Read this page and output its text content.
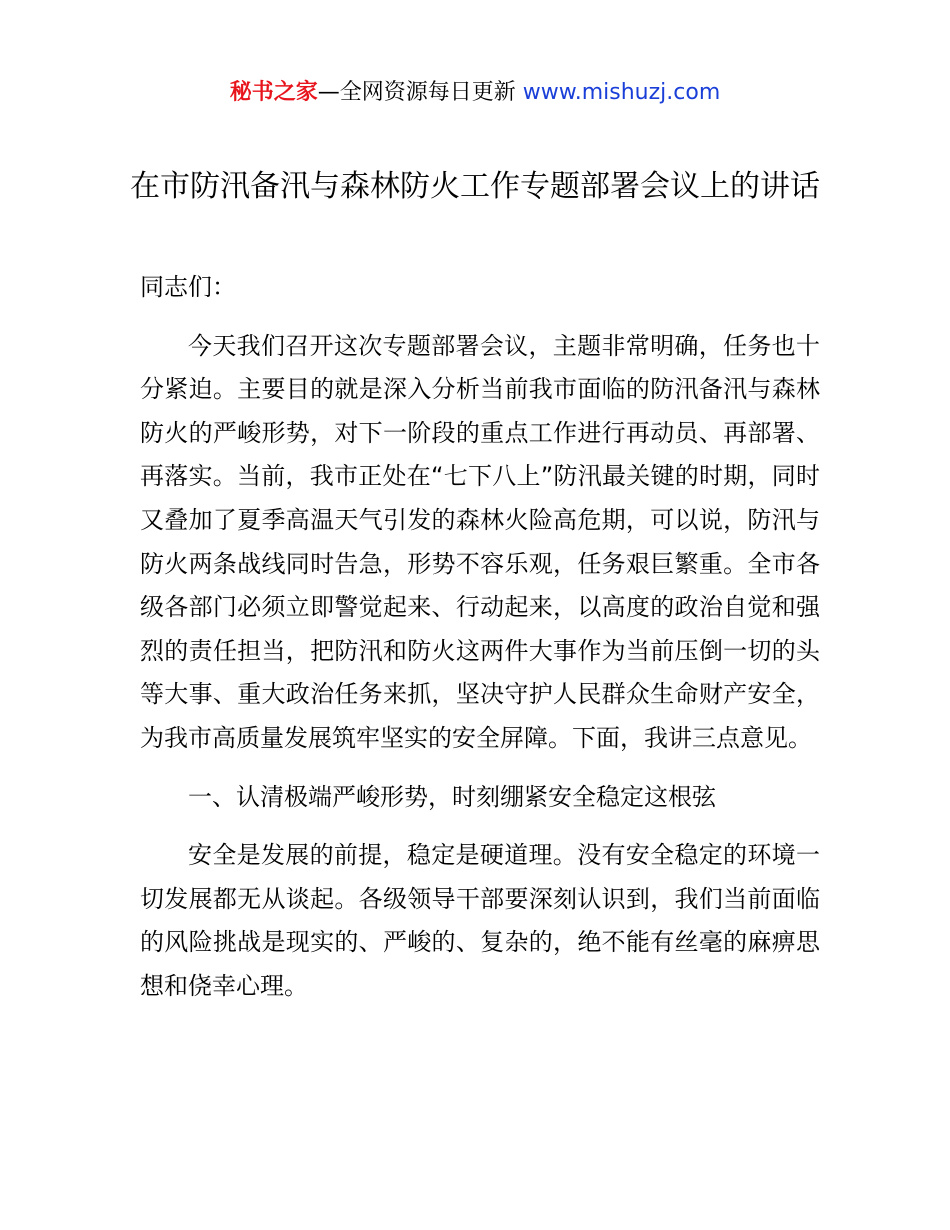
秘书之家—全网资源每日更新 www.mishuzj.com
在市防汛备汛与森林防火工作专题部署会议上的讲话

同志们：

今天我们召开这次专题部署会议，主题非常明确，任务也十分紧迫。主要目的就是深入分析当前我市面临的防汛备汛与森林防火的严峻形势，对下一阶段的重点工作进行再动员、再部署、再落实。当前，我市正处在“七下八上”防汛最关键的时期，同时又叠加了夏季高温天气引发的森林火险高危期，可以说，防汛与防火两条战线同时告急，形势不容乐观，任务艰巨繁重。全市各级各部门必须立即警觉起来、行动起来，以高度的政治自觉和强烈的责任担当，把防汛和防火这两件大事作为当前压倒一切的头等大事、重大政治任务来抓，坚决守护人民群众生命财产安全，为我市高质量发展筑牢坚实的安全屏障。下面，我讲三点意见。

一、认清极端严峻形势，时刻绷紧安全稳定这根弦

安全是发展的前提，稳定是硬道理。没有安全稳定的环境一切发展都无从谈起。各级领导干部要深刻认识到，我们当前面临的风险挑战是现实的、严峻的、复杂的，绝不能有丝毫的麻痹思想和侥幸心理。
